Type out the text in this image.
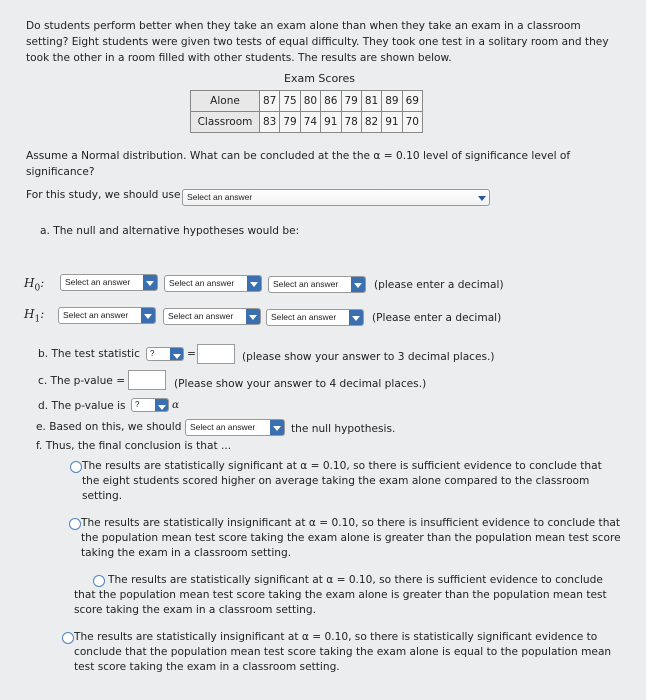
Do students perform better when they take an exam alone than when they take an exam in a classroom setting? Eight students were given two tests of equal difficulty. They took one test in a solitary room and they took the other in a room filled with other students. The results are shown below.
Exam Scores
Alone	87	75	80	86	79	81	89	69
Classroom	83	79	74	91	78	82	91	70
Assume a Normal distribution. What can be concluded at the the α = 0.10 level of significance level of significance?
For this study, we should use Select an answer
a. The null and alternative hypotheses would be:
$H_0$:	Select an answer	Select an answer	Select an answer	(please enter a decimal)
$H_1$:	Select an answer	Select an answer	Select an answer	(Please enter a decimal)
b. The test statistic	?	=	(please show your answer to 3 decimal places.)
c. The p-value =	(Please show your answer to 4 decimal places.)
d. The p-value is	?	α
e. Based on this, we should	Select an answer	the null hypothesis.
f. Thus, the final conclusion is that ...
The results are statistically significant at α = 0.10, so there is sufficient evidence to conclude that the eight students scored higher on average taking the exam alone compared to the classroom setting.
The results are statistically insignificant at α = 0.10, so there is insufficient evidence to conclude that the population mean test score taking the exam alone is greater than the population mean test score taking the exam in a classroom setting.
The results are statistically significant at α = 0.10, so there is sufficient evidence to conclude that the population mean test score taking the exam alone is greater than the population mean test score taking the exam in a classroom setting.
The results are statistically insignificant at α = 0.10, so there is statistically significant evidence to conclude that the population mean test score taking the exam alone is equal to the population mean test score taking the exam in a classroom setting.
